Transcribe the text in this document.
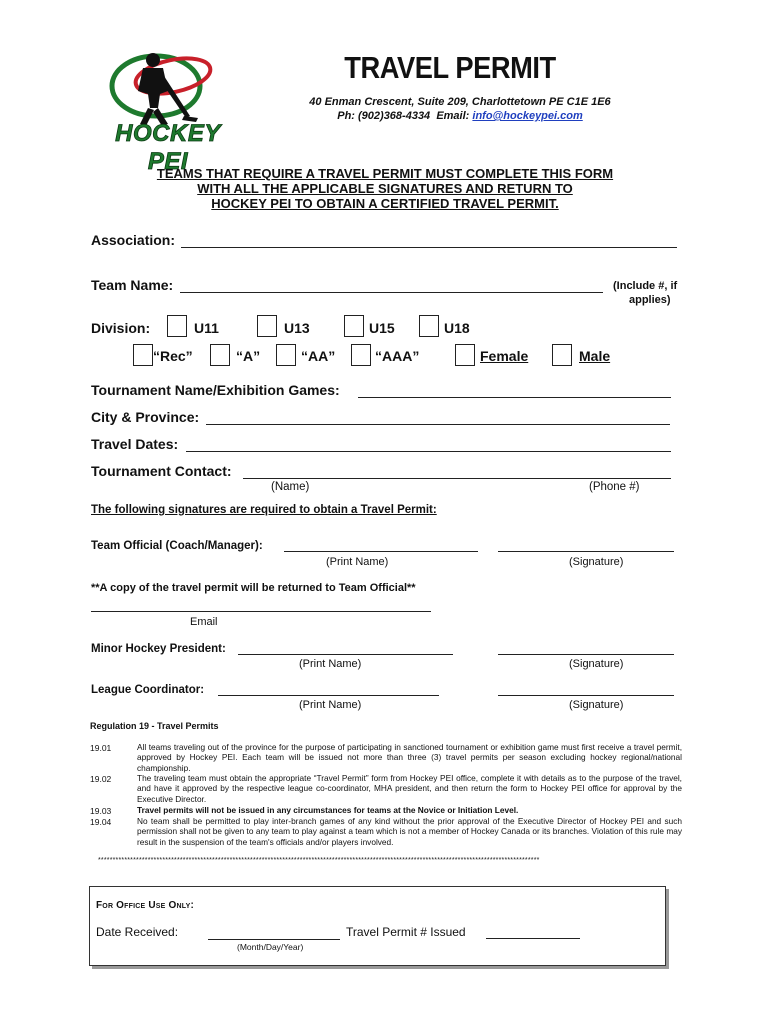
HOCKEY PEI
TRAVEL PERMIT
40 Enman Crescent, Suite 209, Charlottetown PE C1E 1E6
Ph: (902)368-4334 Email: info@hockeypei.com
TEAMS THAT REQUIRE A TRAVEL PERMIT MUST COMPLETE THIS FORM
WITH ALL THE APPLICABLE SIGNATURES AND RETURN TO
HOCKEY PEI TO OBTAIN A CERTIFIED TRAVEL PERMIT.
Association:
Team Name:	(Include #, if
applies)
Division:	U11	U13	U15	U18
“Rec”	“A”	“AA”	“AAA”	Female	Male
Tournament Name/Exhibition Games:
City & Province:
Travel Dates:
Tournament Contact:
(Name)	(Phone #)
The following signatures are required to obtain a Travel Permit:
Team Official (Coach/Manager):
(Print Name)	(Signature)
**A copy of the travel permit will be returned to Team Official**
Email
Minor Hockey President:
(Print Name)	(Signature)
League Coordinator:
(Print Name)	(Signature)
Regulation 19 - Travel Permits
19.01	All teams traveling out of the province for the purpose of participating in sanctioned tournament or exhibition game must first receive a travel permit, approved by Hockey PEI. Each team will be issued not more than three (3) travel permits per season excluding hockey regional/national championship.
19.02	The traveling team must obtain the appropriate “Travel Permit” form from Hockey PEI office, complete it with details as to the purpose of the travel, and have it approved by the respective league co-coordinator, MHA president, and then return the form to Hockey PEI office for approval by the Executive Director.
19.03	Travel permits will not be issued in any circumstances for teams at the Novice or Initiation Level.
19.04	No team shall be permitted to play inter-branch games of any kind without the prior approval of the Executive Director of Hockey PEI and such permission shall not be given to any team to play against a team which is not a member of Hockey Canada or its branches. Violation of this rule may result in the suspension of the team's officials and/or players involved.
*******************************************************************************************************************************************************
For Office Use Only:
Date Received:
(Month/Day/Year)
Travel Permit # Issued
